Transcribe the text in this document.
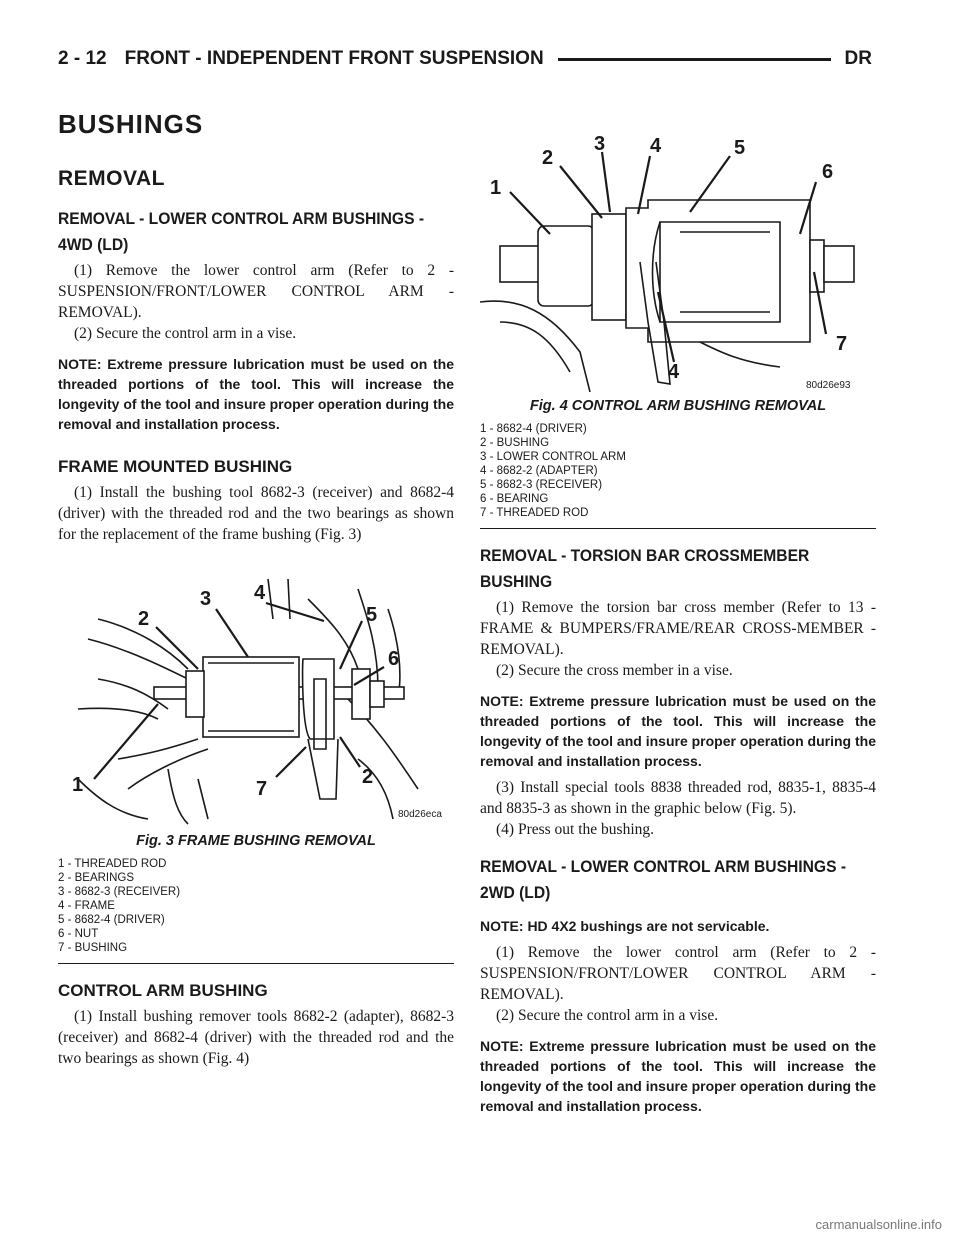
2 - 12 FRONT - INDEPENDENT FRONT SUSPENSION	DR
BUSHINGS
REMOVAL
REMOVAL - LOWER CONTROL ARM BUSHINGS - 4WD (LD)

(1) Remove the lower control arm (Refer to 2 - SUSPENSION/FRONT/LOWER CONTROL ARM - REMOVAL).

(2) Secure the control arm in a vise.

NOTE: Extreme pressure lubrication must be used on the threaded portions of the tool. This will increase the longevity of the tool and insure proper operation during the removal and installation process.

FRAME MOUNTED BUSHING

(1) Install the bushing tool 8682-3 (receiver) and 8682-4 (driver) with the threaded rod and the two bearings as shown for the replacement of the frame bushing (Fig. 3)

1
2
3 4
5
6
2
7
80d26eca
Fig. 3 FRAME BUSHING REMOVAL
1 - THREADED ROD
2 - BEARINGS
3 - 8682-3 (RECEIVER)
4 - FRAME
5 - 8682-4 (DRIVER)
6 - NUT
7 - BUSHING
CONTROL ARM BUSHING

(1) Install bushing remover tools 8682-2 (adapter), 8682-3 (receiver) and 8682-4 (driver) with the threaded rod and the two bearings as shown (Fig. 4)

1
2
3 4	5
6
7
4
80d26e93
Fig. 4 CONTROL ARM BUSHING REMOVAL
1 - 8682-4 (DRIVER)
2 - BUSHING
3 - LOWER CONTROL ARM
4 - 8682-2 (ADAPTER)
5 - 8682-3 (RECEIVER)
6 - BEARING
7 - THREADED ROD
REMOVAL - TORSION BAR CROSSMEMBER BUSHING

(1) Remove the torsion bar cross member (Refer to 13 - FRAME & BUMPERS/FRAME/REAR CROSS-MEMBER - REMOVAL).

(2) Secure the cross member in a vise.

NOTE: Extreme pressure lubrication must be used on the threaded portions of the tool. This will increase the longevity of the tool and insure proper operation during the removal and installation process.

(3) Install special tools 8838 threaded rod, 8835-1, 8835-4 and 8835-3 as shown in the graphic below (Fig. 5).

(4) Press out the bushing.

REMOVAL - LOWER CONTROL ARM BUSHINGS - 2WD (LD)

NOTE: HD 4X2 bushings are not servicable.

(1) Remove the lower control arm (Refer to 2 - SUSPENSION/FRONT/LOWER CONTROL ARM - REMOVAL).

(2) Secure the control arm in a vise.

NOTE: Extreme pressure lubrication must be used on the threaded portions of the tool. This will increase the longevity of the tool and insure proper operation during the removal and installation process.

carmanualsonline.info
